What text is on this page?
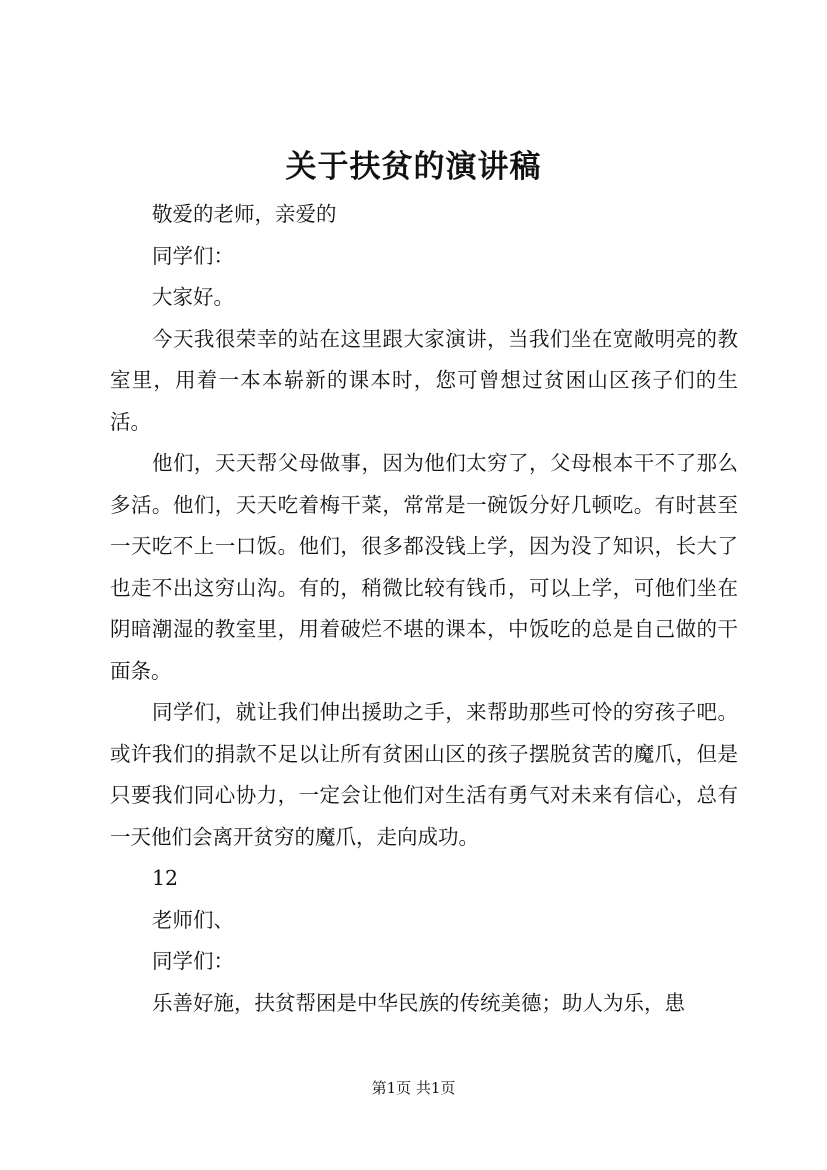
关于扶贫的演讲稿

敬爱的老师，亲爱的

同学们：

大家好。

今天我很荣幸的站在这里跟大家演讲，当我们坐在宽敞明亮的教室里，用着一本本崭新的课本时，您可曾想过贫困山区孩子们的生活。

他们，天天帮父母做事，因为他们太穷了，父母根本干不了那么多活。他们，天天吃着梅干菜，常常是一碗饭分好几顿吃。有时甚至一天吃不上一口饭。他们，很多都没钱上学，因为没了知识，长大了也走不出这穷山沟。有的，稍微比较有钱币，可以上学，可他们坐在阴暗潮湿的教室里，用着破烂不堪的课本，中饭吃的总是自己做的干面条。

同学们，就让我们伸出援助之手，来帮助那些可怜的穷孩子吧。或许我们的捐款不足以让所有贫困山区的孩子摆脱贫苦的魔爪，但是只要我们同心协力，一定会让他们对生活有勇气对未来有信心，总有一天他们会离开贫穷的魔爪，走向成功。

12

老师们、

同学们：

乐善好施，扶贫帮困是中华民族的传统美德；助人为乐，患

第1页 共1页
